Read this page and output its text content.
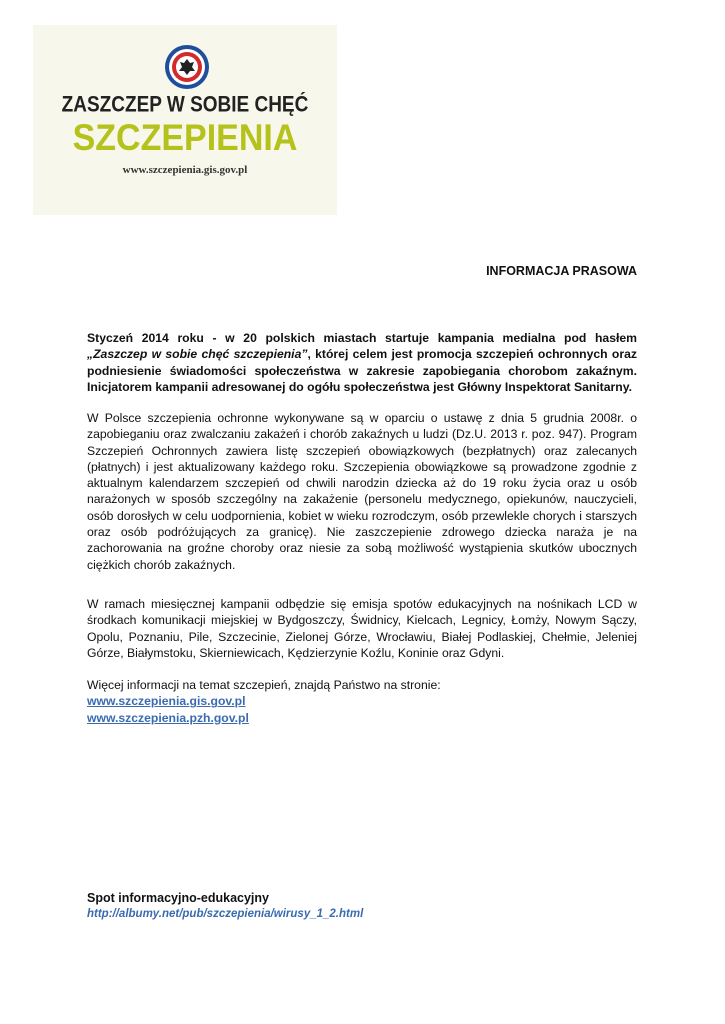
ZASZCZEP W SOBIE CHĘĆ
SZCZEPIENIA
www.szczepienia.gis.gov.pl
INFORMACJA PRASOWA
Styczeń 2014 roku - w 20 polskich miastach startuje kampania medialna pod hasłem „Zaszczep w sobie chęć szczepienia”, której celem jest promocja szczepień ochronnych oraz podniesienie świadomości społeczeństwa w zakresie zapobiegania chorobom zakaźnym. Inicjatorem kampanii adresowanej do ogółu społeczeństwa jest Główny Inspektorat Sanitarny.
W Polsce szczepienia ochronne wykonywane są w oparciu o ustawę z dnia 5 grudnia 2008r. o zapobieganiu oraz zwalczaniu zakażeń i chorób zakaźnych u ludzi (Dz.U. 2013 r. poz. 947). Program Szczepień Ochronnych zawiera listę szczepień obowiązkowych (bezpłatnych) oraz zalecanych (płatnych) i jest aktualizowany każdego roku. Szczepienia obowiązkowe są prowadzone zgodnie z aktualnym kalendarzem szczepień od chwili narodzin dziecka aż do 19 roku życia oraz u osób narażonych w sposób szczególny na zakażenie (personelu medycznego, opiekunów, nauczycieli, osób dorosłych w celu uodpornienia, kobiet w wieku rozrodczym, osób przewlekle chorych i starszych oraz osób podróżujących za granicę). Nie zaszczepienie zdrowego dziecka naraża je na zachorowania na groźne choroby oraz niesie za sobą możliwość wystąpienia skutków ubocznych ciężkich chorób zakaźnych.
W ramach miesięcznej kampanii odbędzie się emisja spotów edukacyjnych na nośnikach LCD w środkach komunikacji miejskiej w Bydgoszczy, Świdnicy, Kielcach, Legnicy, Łomży, Nowym Sączy, Opolu, Poznaniu, Pile, Szczecinie, Zielonej Górze, Wrocławiu, Białej Podlaskiej, Chełmie, Jeleniej Górze, Białymstoku, Skierniewicach, Kędzierzynie Koźlu, Koninie oraz Gdyni.
Więcej informacji na temat szczepień, znajdą Państwo na stronie:
www.szczepienia.gis.gov.pl
www.szczepienia.pzh.gov.pl
Spot informacyjno-edukacyjny
http://albumy.net/pub/szczepienia/wirusy_1_2.html
